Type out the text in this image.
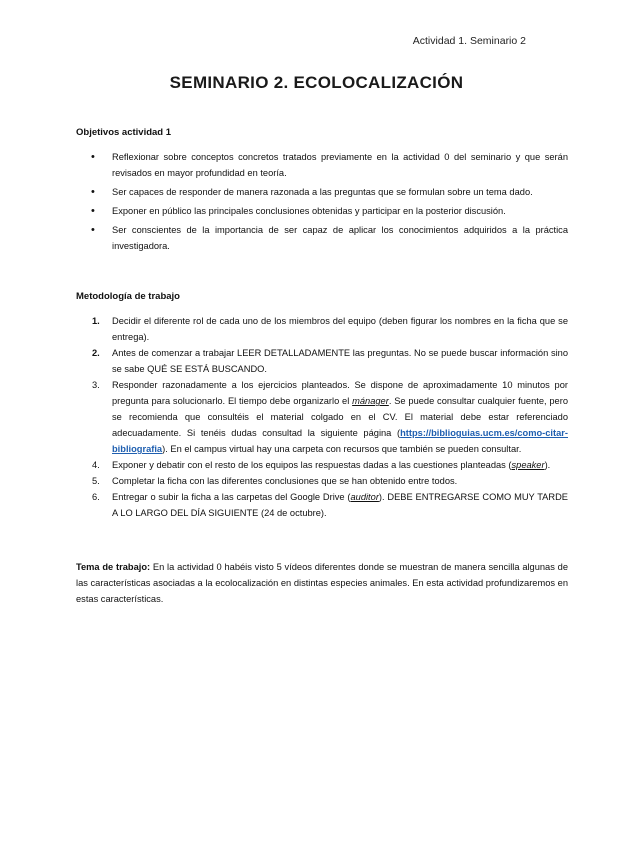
Actividad 1. Seminario 2
SEMINARIO 2. ECOLOCALIZACIÓN
Objetivos actividad 1
• Reflexionar sobre conceptos concretos tratados previamente en la actividad 0 del seminario y que serán revisados en mayor profundidad en teoría.
• Ser capaces de responder de manera razonada a las preguntas que se formulan sobre un tema dado.
• Exponer en público las principales conclusiones obtenidas y participar en la posterior discusión.
• Ser conscientes de la importancia de ser capaz de aplicar los conocimientos adquiridos a la práctica investigadora.
Metodología de trabajo
1. Decidir el diferente rol de cada uno de los miembros del equipo (deben figurar los nombres en la ficha que se entrega).
2. Antes de comenzar a trabajar LEER DETALLADAMENTE las preguntas. No se puede buscar información sino se sabe QUÉ SE ESTÁ BUSCANDO.
3. Responder razonadamente a los ejercicios planteados. Se dispone de aproximadamente 10 minutos por pregunta para solucionarlo. El tiempo debe organizarlo el mánager. Se puede consultar cualquier fuente, pero se recomienda que consultéis el material colgado en el CV. El material debe estar referenciado adecuadamente. Si tenéis dudas consultad la siguiente página (https://biblioguias.ucm.es/como-citar-bibliografia). En el campus virtual hay una carpeta con recursos que también se pueden consultar.
4. Exponer y debatir con el resto de los equipos las respuestas dadas a las cuestiones planteadas (speaker).
5. Completar la ficha con las diferentes conclusiones que se han obtenido entre todos.
6. Entregar o subir la ficha a las carpetas del Google Drive (auditor). DEBE ENTREGARSE COMO MUY TARDE A LO LARGO DEL DÍA SIGUIENTE (24 de octubre).

Tema de trabajo: En la actividad 0 habéis visto 5 vídeos diferentes donde se muestran de manera sencilla algunas de las características asociadas a la ecolocalización en distintas especies animales. En esta actividad profundizaremos en estas características.
